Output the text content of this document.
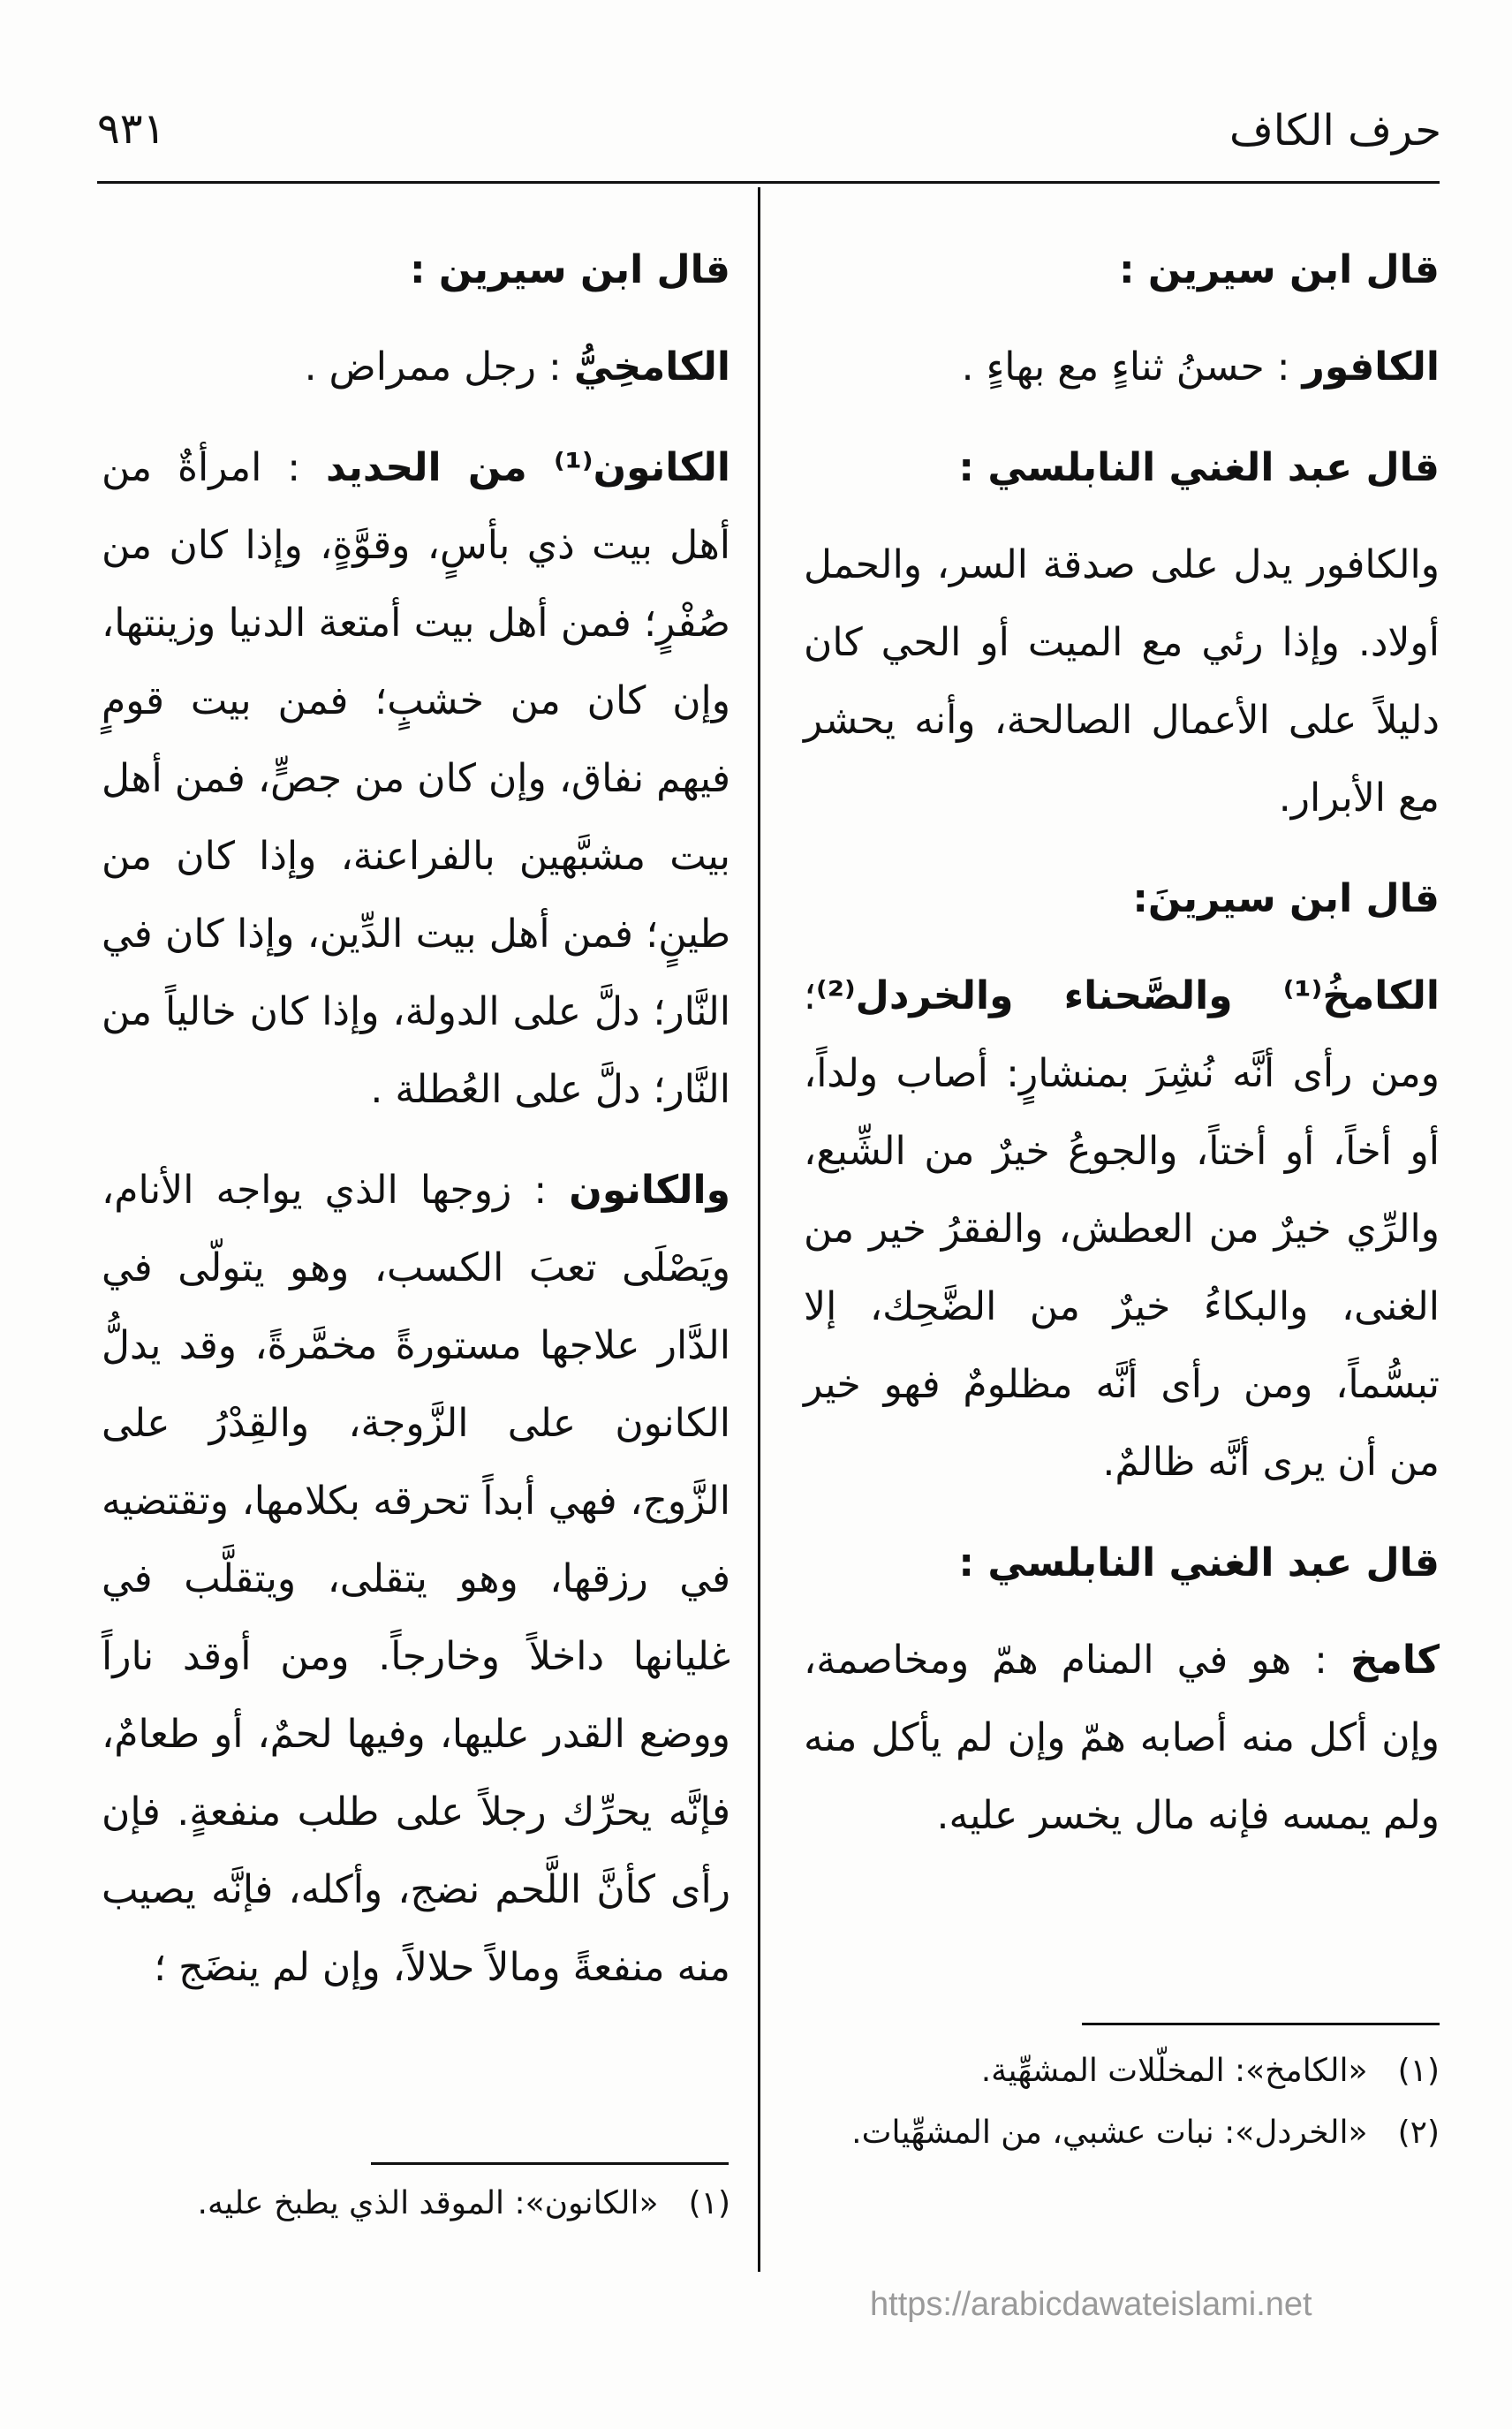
حرف الكاف
٩٣١

قال ابن سيرين :

الكافور : حسنُ ثناءٍ مع بهاءٍ .

قال عبد الغني النابلسي :

والكافور يدل على صدقة السر، والحمل أولاد. وإذا رئي مع الميت أو الحي كان دليلاً على الأعمال الصالحة، وأنه يحشر مع الأبرار.

قال ابن سيرينَ:

الكامخُ⁽¹⁾ والصَّحناء والخردل⁽²⁾؛ ومن رأى أنَّه نُشِرَ بمنشارٍ: أصاب ولداً، أو أخاً، أو أختاً، والجوعُ خيرٌ من الشِّبع، والرِّي خيرٌ من العطش، والفقرُ خير من الغنى، والبكاءُ خيرٌ من الضَّحِك، إلا تبسُّماً، ومن رأى أنَّه مظلومٌ فهو خير من أن يرى أنَّه ظالمٌ.

قال عبد الغني النابلسي :

كامخ : هو في المنام همّ ومخاصمة، وإن أكل منه أصابه همّ وإن لم يأكل منه ولم يمسه فإنه مال يخسر عليه.

قال ابن سيرين :

الكامخِيُّ : رجل ممراض .

الكانون⁽¹⁾ من الحديد : امرأةٌ من أهل بيت ذي بأسٍ، وقوَّةٍ، وإذا كان من صُفْرٍ؛ فمن أهل بيت أمتعة الدنيا وزينتها، وإن كان من خشبٍ؛ فمن بيت قومٍ فيهم نفاق، وإن كان من جصٍّ، فمن أهل بيت مشبَّهين بالفراعنة، وإذا كان من طينٍ؛ فمن أهل بيت الدِّين، وإذا كان في النَّار؛ دلَّ على الدولة، وإذا كان خالياً من النَّار؛ دلَّ على العُطلة .

والكانون : زوجها الذي يواجه الأنام، ويَصْلَى تعبَ الكسب، وهو يتولّى في الدَّار علاجها مستورةً مخمَّرةً، وقد يدلُّ الكانون على الزَّوجة، والقِدْرُ على الزَّوج، فهي أبداً تحرقه بكلامها، وتقتضيه في رزقها، وهو يتقلى، ويتقلَّب في غليانها داخلاً وخارجاً. ومن أوقد ناراً ووضع القدر عليها، وفيها لحمٌ، أو طعامٌ، فإنَّه يحرِّك رجلاً على طلب منفعةٍ. فإن رأى كأنَّ اللَّحم نضج، وأكله، فإنَّه يصيب منه منفعةً ومالاً حلالاً، وإن لم ينضَج ؛

(١) «الكامخ»: المخلّلات المشهِّية.

(٢) «الخردل»: نبات عشبي، من المشهِّيات.

(١) «الكانون»: الموقد الذي يطبخ عليه.

https://arabicdawateislami.net
